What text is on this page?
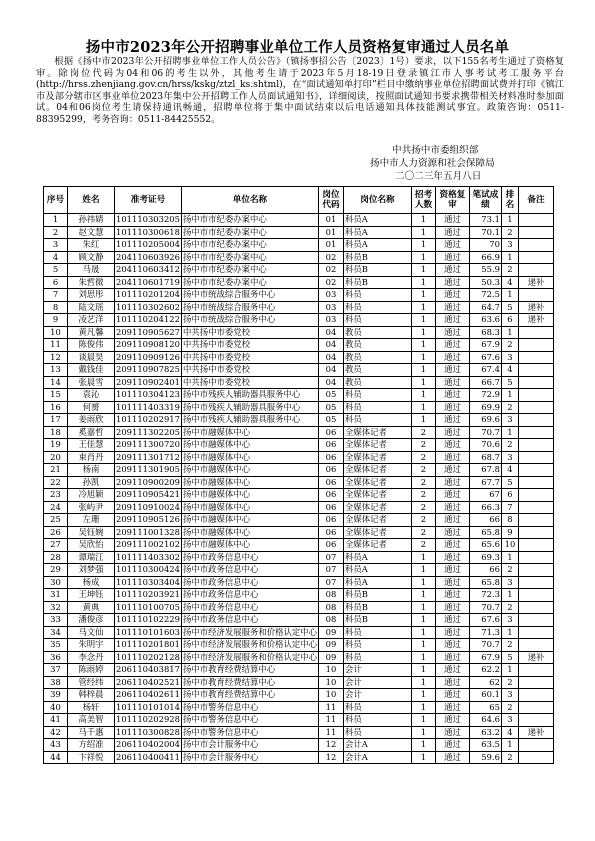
扬中市2023年公开招聘事业单位工作人员资格复审通过人员名单

根据《扬中市2023年公开招聘事业单位工作人员公告》（镇扬事招公告〔2023〕1号）要求，以下155名考生通过了资格复审。除岗位代码为04和06的考生以外，其他考生请于2023年5月18-19日登录镇江市人事考试考工服务平台(http://hrss.zhenjiang.gov.cn/hrss/kskg/ztzl_ks.shtml)，在“面试通知单打印”栏目中缴纳事业单位招聘面试费并打印《镇江市及部分辖市区事业单位2023年集中公开招聘工作人员面试通知书》，详细阅读，按照面试通知书要求携带相关材料准时参加面试。04和06岗位考生请保持通讯畅通，招聘单位将于集中面试结束以后电话通知具体技能测试事宜。政策咨询：0511-88395299，考务咨询：0511-84425552。

中共扬中市委组织部
扬中市人力资源和社会保障局
二〇二三年五月八日
序号	姓名	准考证号	单位名称	岗位代码	岗位名称	招考人数	资格复审	笔试成绩	排名	备注
1	孙祎婧	101110303205	扬中市市纪委办案中心	01	科员A	1	通过	73.1	1	
2	赵文慧	101110300618	扬中市市纪委办案中心	01	科员A	1	通过	70.1	2	
3	朱红	101110205004	扬中市市纪委办案中心	01	科员A	1	通过	70	3	
4	顾文静	204110603926	扬中市市纪委办案中心	02	科员B	1	通过	66.9	1	
5	马晟	204110603412	扬中市市纪委办案中心	02	科员B	1	通过	55.9	2	
6	朱哲微	204110601719	扬中市市纪委办案中心	02	科员B	1	通过	50.3	4	递补
7	刘思彤	101110201204	扬中市统战综合服务中心	03	科员	1	通过	72.5	1	
8	陆文瑶	101110302602	扬中市统战综合服务中心	03	科员	1	通过	64.7	5	递补
9	凌艺洋	101110204122	扬中市统战综合服务中心	03	科员	1	通过	63.6	6	递补
10	黄凡馨	209110905627	中共扬中市委党校	04	教员	1	通过	68.3	1	
11	陈俊伟	209110908120	中共扬中市委党校	04	教员	1	通过	67.9	2	
12	谈晨昊	209110909126	中共扬中市委党校	04	教员	1	通过	67.6	3	
13	戴钱佳	209110907825	中共扬中市委党校	04	教员	1	通过	67.4	4	
14	张晨雪	209110902401	中共扬中市委党校	04	教员	1	通过	66.7	5	
15	袁沁	101110304123	扬中市残疾人辅助器具服务中心	05	科员	1	通过	72.9	1	
16	何赟	101111403319	扬中市残疾人辅助器具服务中心	05	科员	1	通过	69.9	2	
17	姜雨欣	101110202917	扬中市残疾人辅助器具服务中心	05	科员	1	通过	69.6	3	
18	奚嘉哲	209111302205	扬中市融媒体中心	06	全媒体记者	2	通过	70.7	1	
19	王佳慧	209111300720	扬中市融媒体中心	06	全媒体记者	2	通过	70.6	2	
20	束肖丹	209111301712	扬中市融媒体中心	06	全媒体记者	2	通过	68.7	3	
21	杨南	209111301905	扬中市融媒体中心	06	全媒体记者	2	通过	67.8	4	
22	孙凯	209110900209	扬中市融媒体中心	06	全媒体记者	2	通过	67.7	5	
23	冷旭颖	209110905421	扬中市融媒体中心	06	全媒体记者	2	通过	67	6	
24	张屿尹	209110910024	扬中市融媒体中心	06	全媒体记者	2	通过	66.3	7	
25	左珊	209110905126	扬中市融媒体中心	06	全媒体记者	2	通过	66	8	
26	吴钰婉	209111001328	扬中市融媒体中心	06	全媒体记者	2	通过	65.8	9	
27	吴欣怡	209111002102	扬中市融媒体中心	06	全媒体记者	2	通过	65.6	10	
28	谭瑞江	101111403302	扬中市政务信息中心	07	科员A	1	通过	69.3	1	
29	刘梦强	101110300424	扬中市政务信息中心	07	科员A	1	通过	66	2	
30	杨成	101110303404	扬中市政务信息中心	07	科员A	1	通过	65.8	3	
31	王坤钰	101110203921	扬中市政务信息中心	08	科员B	1	通过	72.3	1	
32	黄典	101110100705	扬中市政务信息中心	08	科员B	1	通过	70.7	2	
33	潘俊彦	101110102229	扬中市政务信息中心	08	科员B	1	通过	67.6	3	
34	马文仙	101110101603	扬中市经济发展服务和价格认定中心	09	科员	1	通过	71.3	1	
35	朱明宇	101110201801	扬中市经济发展服务和价格认定中心	09	科员	1	通过	70.7	2	
36	李念丹	101110202128	扬中市经济发展服务和价格认定中心	09	科员	1	通过	67.9	5	递补
37	陈雨婷	206110403817	扬中市教育经费结算中心	10	会计	1	通过	62.2	1	
38	管经纬	206110402521	扬中市教育经费结算中心	10	会计	1	通过	62	2	
39	韩梓晨	206110402611	扬中市教育经费结算中心	10	会计	1	通过	60.1	3	
40	杨轩	101110101014	扬中市警务信息中心	11	科员	1	通过	65	2	
41	高美智	101110202928	扬中市警务信息中心	11	科员	1	通过	64.6	3	
42	马千惠	101110300828	扬中市警务信息中心	11	科员	1	通过	63.2	4	递补
43	方绍准	206110402004	扬中市会计服务中心	12	会计A	1	通过	63.5	1	
44	卞祥悦	206110400411	扬中市会计服务中心	12	会计A	1	通过	59.6	2	
